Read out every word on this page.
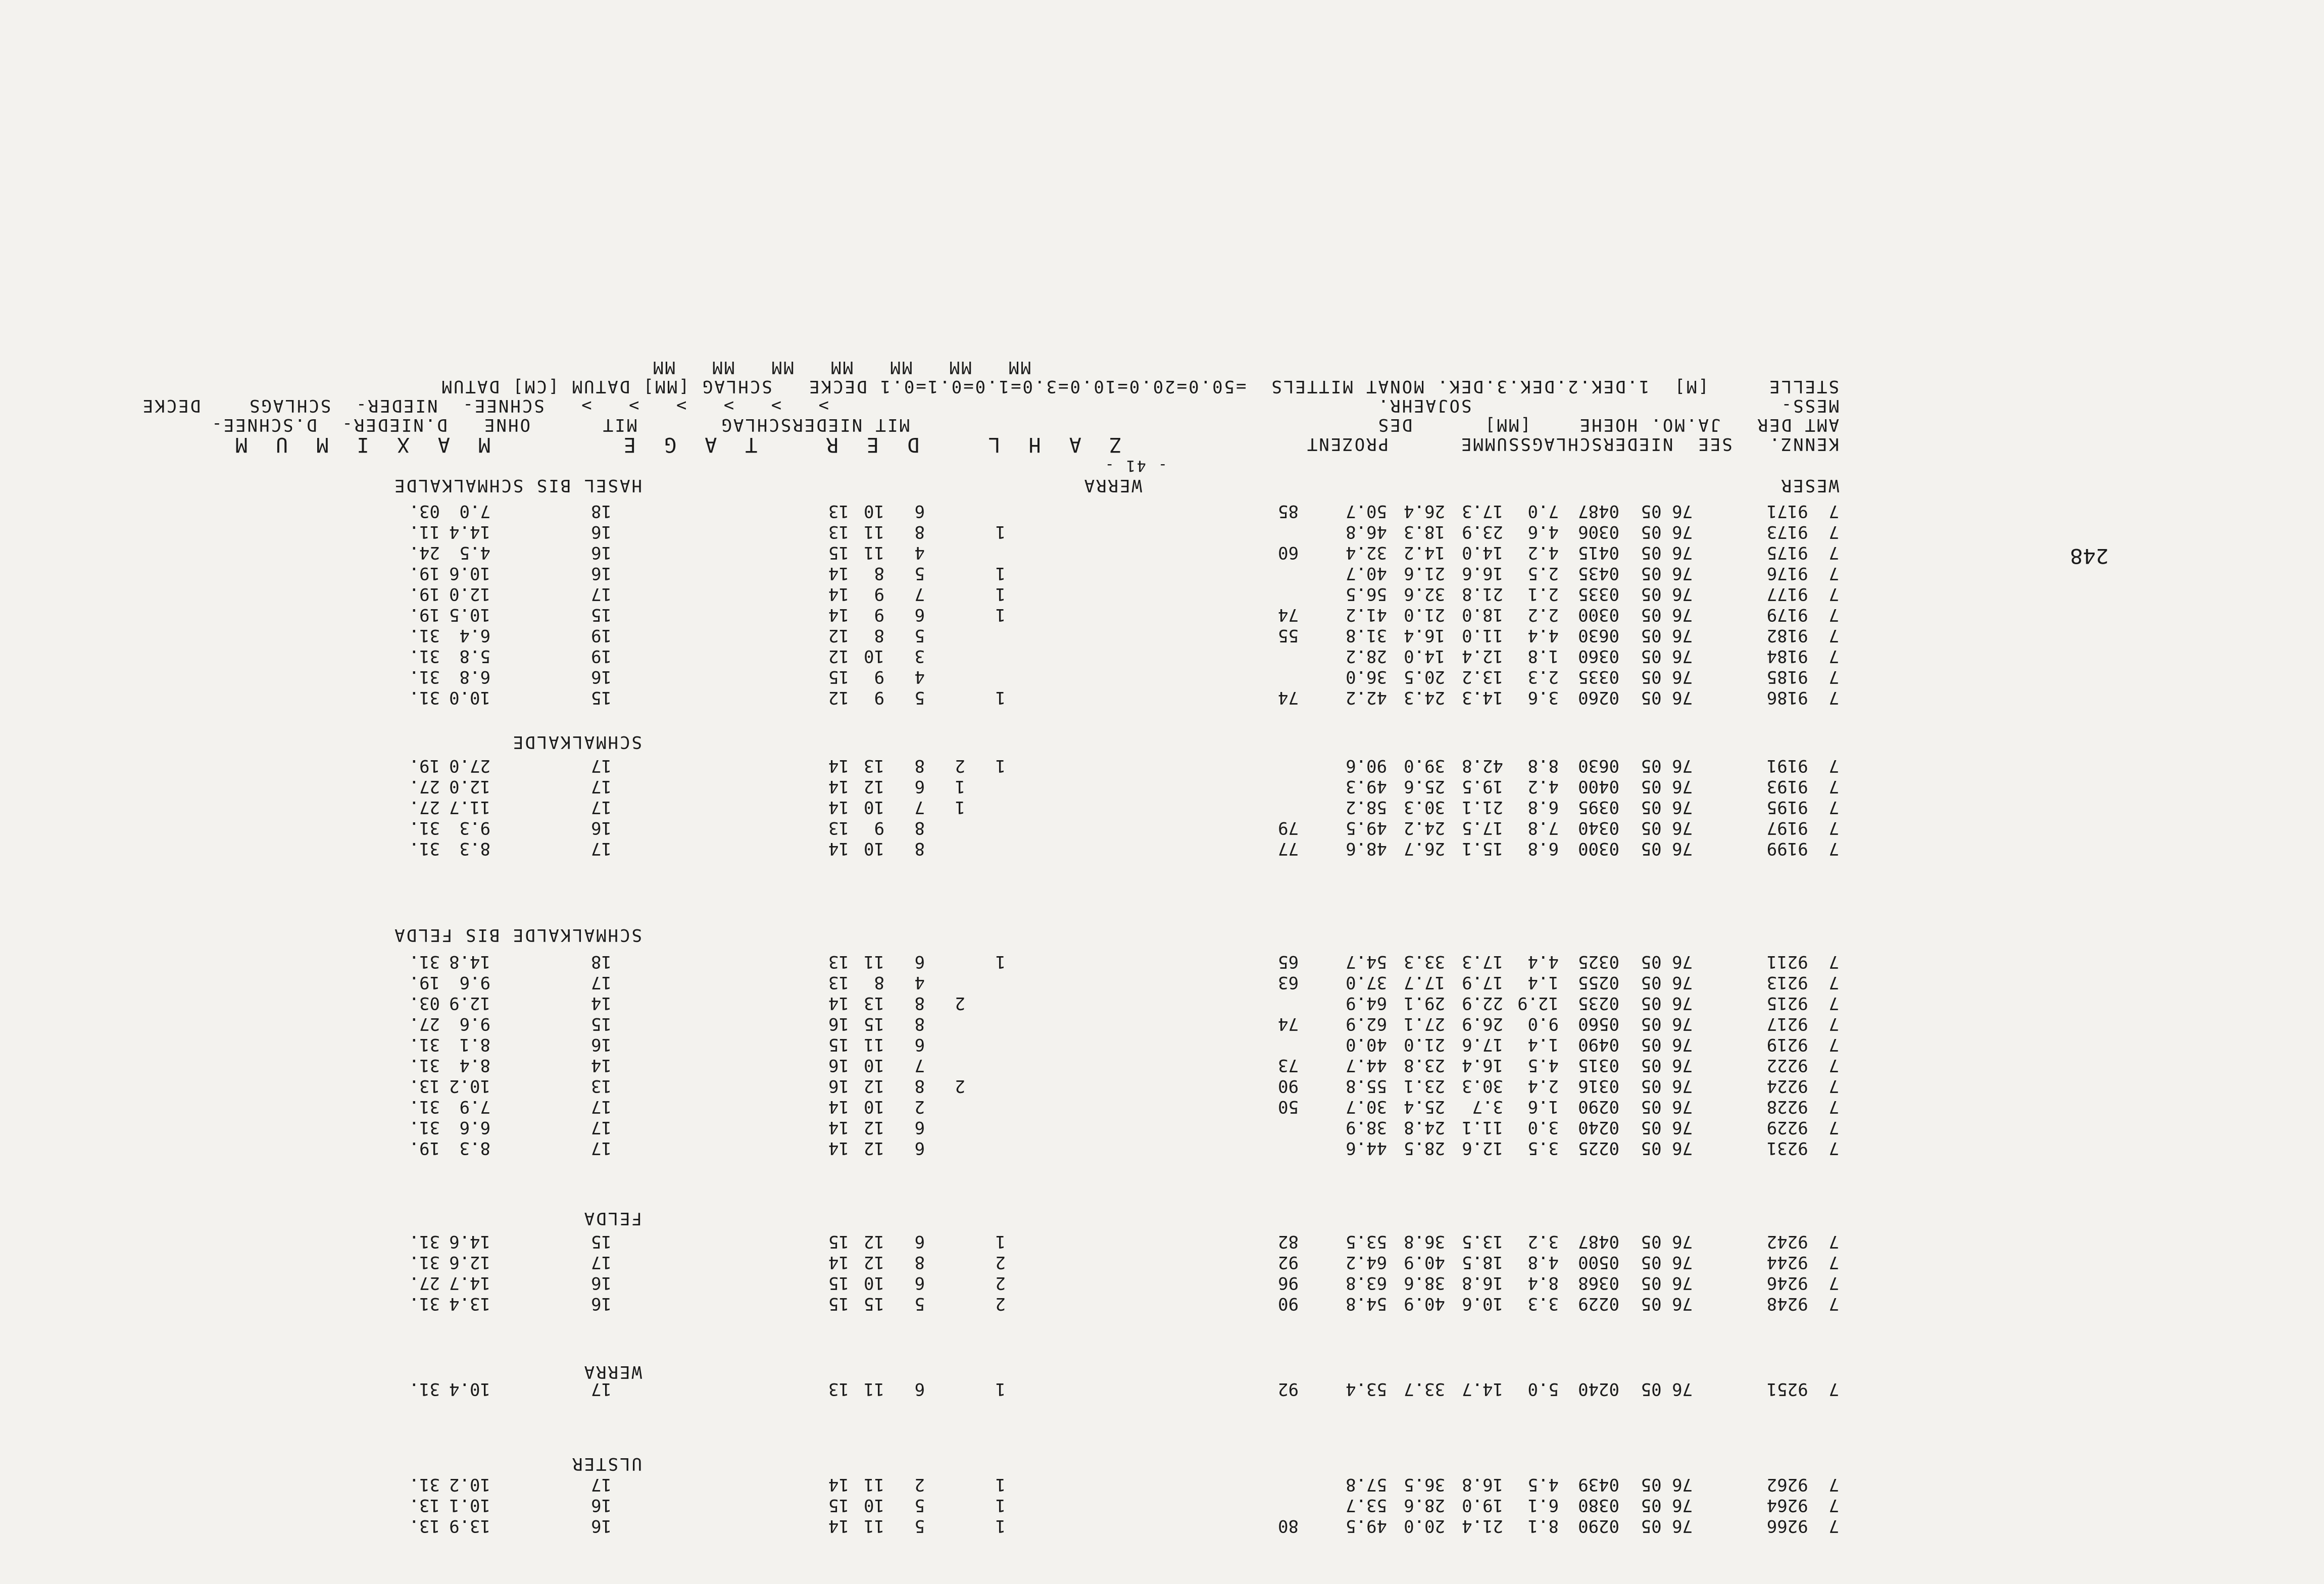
- 41 -
KENNZ.   SEE  NIEDERSCHLAGSSUMME      PROZENT
Z A H L   D E R   T A G E
M A X I M U M
AMT DER   JA.MO. HOEHE    [MM]      DES
MIT NIEDERSCHLAG       MIT      OHNE   D.NIEDER-  D.SCHNEE-
MESS-                          SOJAEHR.
>   >   >   >   >   >   SCHNEE-  NIEDER-  SCHLAGS    DECKE
STELLE     [M]  1.DEK.2.DEK.3.DEK. MONAT MITTELS  =50.0=20.0=10.0=3.0=1.0=0.1=0.1 DECKE   SCHLAG [MM] DATUM [CM] DATUM
MM   MM   MM   MM   MM   MM   MM
WESER
WERRA
HASEL BIS SCHMALKALDE
7  9171
76 05
0487
7.0
17.3
26.4
50.7
85
6
10
13
18
7.0
03.
7  9173
76 05
0306
4.6
23.9
18.3
46.8
1
8
11
13
16
14.4
11.
7  9175
76 05
0415
4.2
14.0
14.2
32.4
60
4
11
15
16
4.5
24.
7  9176
76 05
0435
2.5
16.6
21.6
40.7
1
5
8
14
16
10.6
19.
7  9177
76 05
0335
2.1
21.8
32.6
56.5
1
7
9
14
17
12.0
19.
7  9179
76 05
0300
2.2
18.0
21.0
41.2
74
1
6
9
14
15
10.5
19.
7  9182
76 05
0630
4.4
11.0
16.4
31.8
55
5
8
12
19
6.4
31.
7  9184
76 05
0360
1.8
12.4
14.0
28.2
3
10
12
19
5.8
31.
7  9185
76 05
0335
2.3
13.2
20.5
36.0
4
9
15
16
6.8
31.
7  9186
76 05
0260
3.6
14.3
24.3
42.2
74
1
5
9
12
15
10.0
31.
SCHMALKALDE
7  9191
76 05
0630
8.8
42.8
39.0
90.6
1
2
8
13
14
17
27.0
19.
7  9193
76 05
0400
4.2
19.5
25.6
49.3
1
6
12
14
17
12.0
27.
7  9195
76 05
0395
6.8
21.1
30.3
58.2
1
7
10
14
17
11.7
27.
7  9197
76 05
0340
7.8
17.5
24.2
49.5
79
8
9
13
16
9.3
31.
7  9199
76 05
0300
6.8
15.1
26.7
48.6
77
8
10
14
17
8.3
31.
SCHMALKALDE BIS FELDA
7  9211
76 05
0325
4.4
17.3
33.3
54.7
65
1
6
11
13
18
14.8
31.
7  9213
76 05
0255
1.4
17.9
17.7
37.0
63
4
8
13
17
9.6
19.
7  9215
76 05
0235
12.9
22.9
29.1
64.9
2
8
13
14
14
12.9
03.
7  9217
76 05
0560
9.0
26.9
27.1
62.9
74
8
15
16
15
9.6
27.
7  9219
76 05
0490
1.4
17.6
21.0
40.0
6
11
15
16
8.1
31.
7  9222
76 05
0315
4.5
16.4
23.8
44.7
73
7
10
16
14
8.4
31.
7  9224
76 05
0316
2.4
30.3
23.1
55.8
90
2
8
12
16
13
10.2
13.
7  9228
76 05
0290
1.6
3.7
25.4
30.7
50
2
10
14
17
7.9
31.
7  9229
76 05
0240
3.0
11.1
24.8
38.9
6
12
14
17
6.6
31.
7  9231
76 05
0225
3.5
12.6
28.5
44.6
6
12
14
17
8.3
19.
FELDA
7  9242
76 05
0487
3.2
13.5
36.8
53.5
82
1
6
12
15
15
14.6
31.
7  9244
76 05
0500
4.8
18.5
40.9
64.2
92
2
8
12
14
17
12.6
31.
7  9246
76 05
0368
8.4
16.8
38.6
63.8
96
2
6
10
15
16
14.7
27.
7  9248
76 05
0229
3.3
10.6
40.9
54.8
90
2
5
15
15
16
13.4
31.
WERRA
7  9251
76 05
0240
5.0
14.7
33.7
53.4
92
1
6
11
13
17
10.4
31.
ULSTER
7  9262
76 05
0439
4.5
16.8
36.5
57.8
1
2
11
14
17
10.2
31.
7  9264
76 05
0380
6.1
19.0
28.6
53.7
1
5
10
15
16
10.1
13.
7  9266
76 05
0290
8.1
21.4
20.0
49.5
80
1
5
11
14
16
13.9
13.
248
